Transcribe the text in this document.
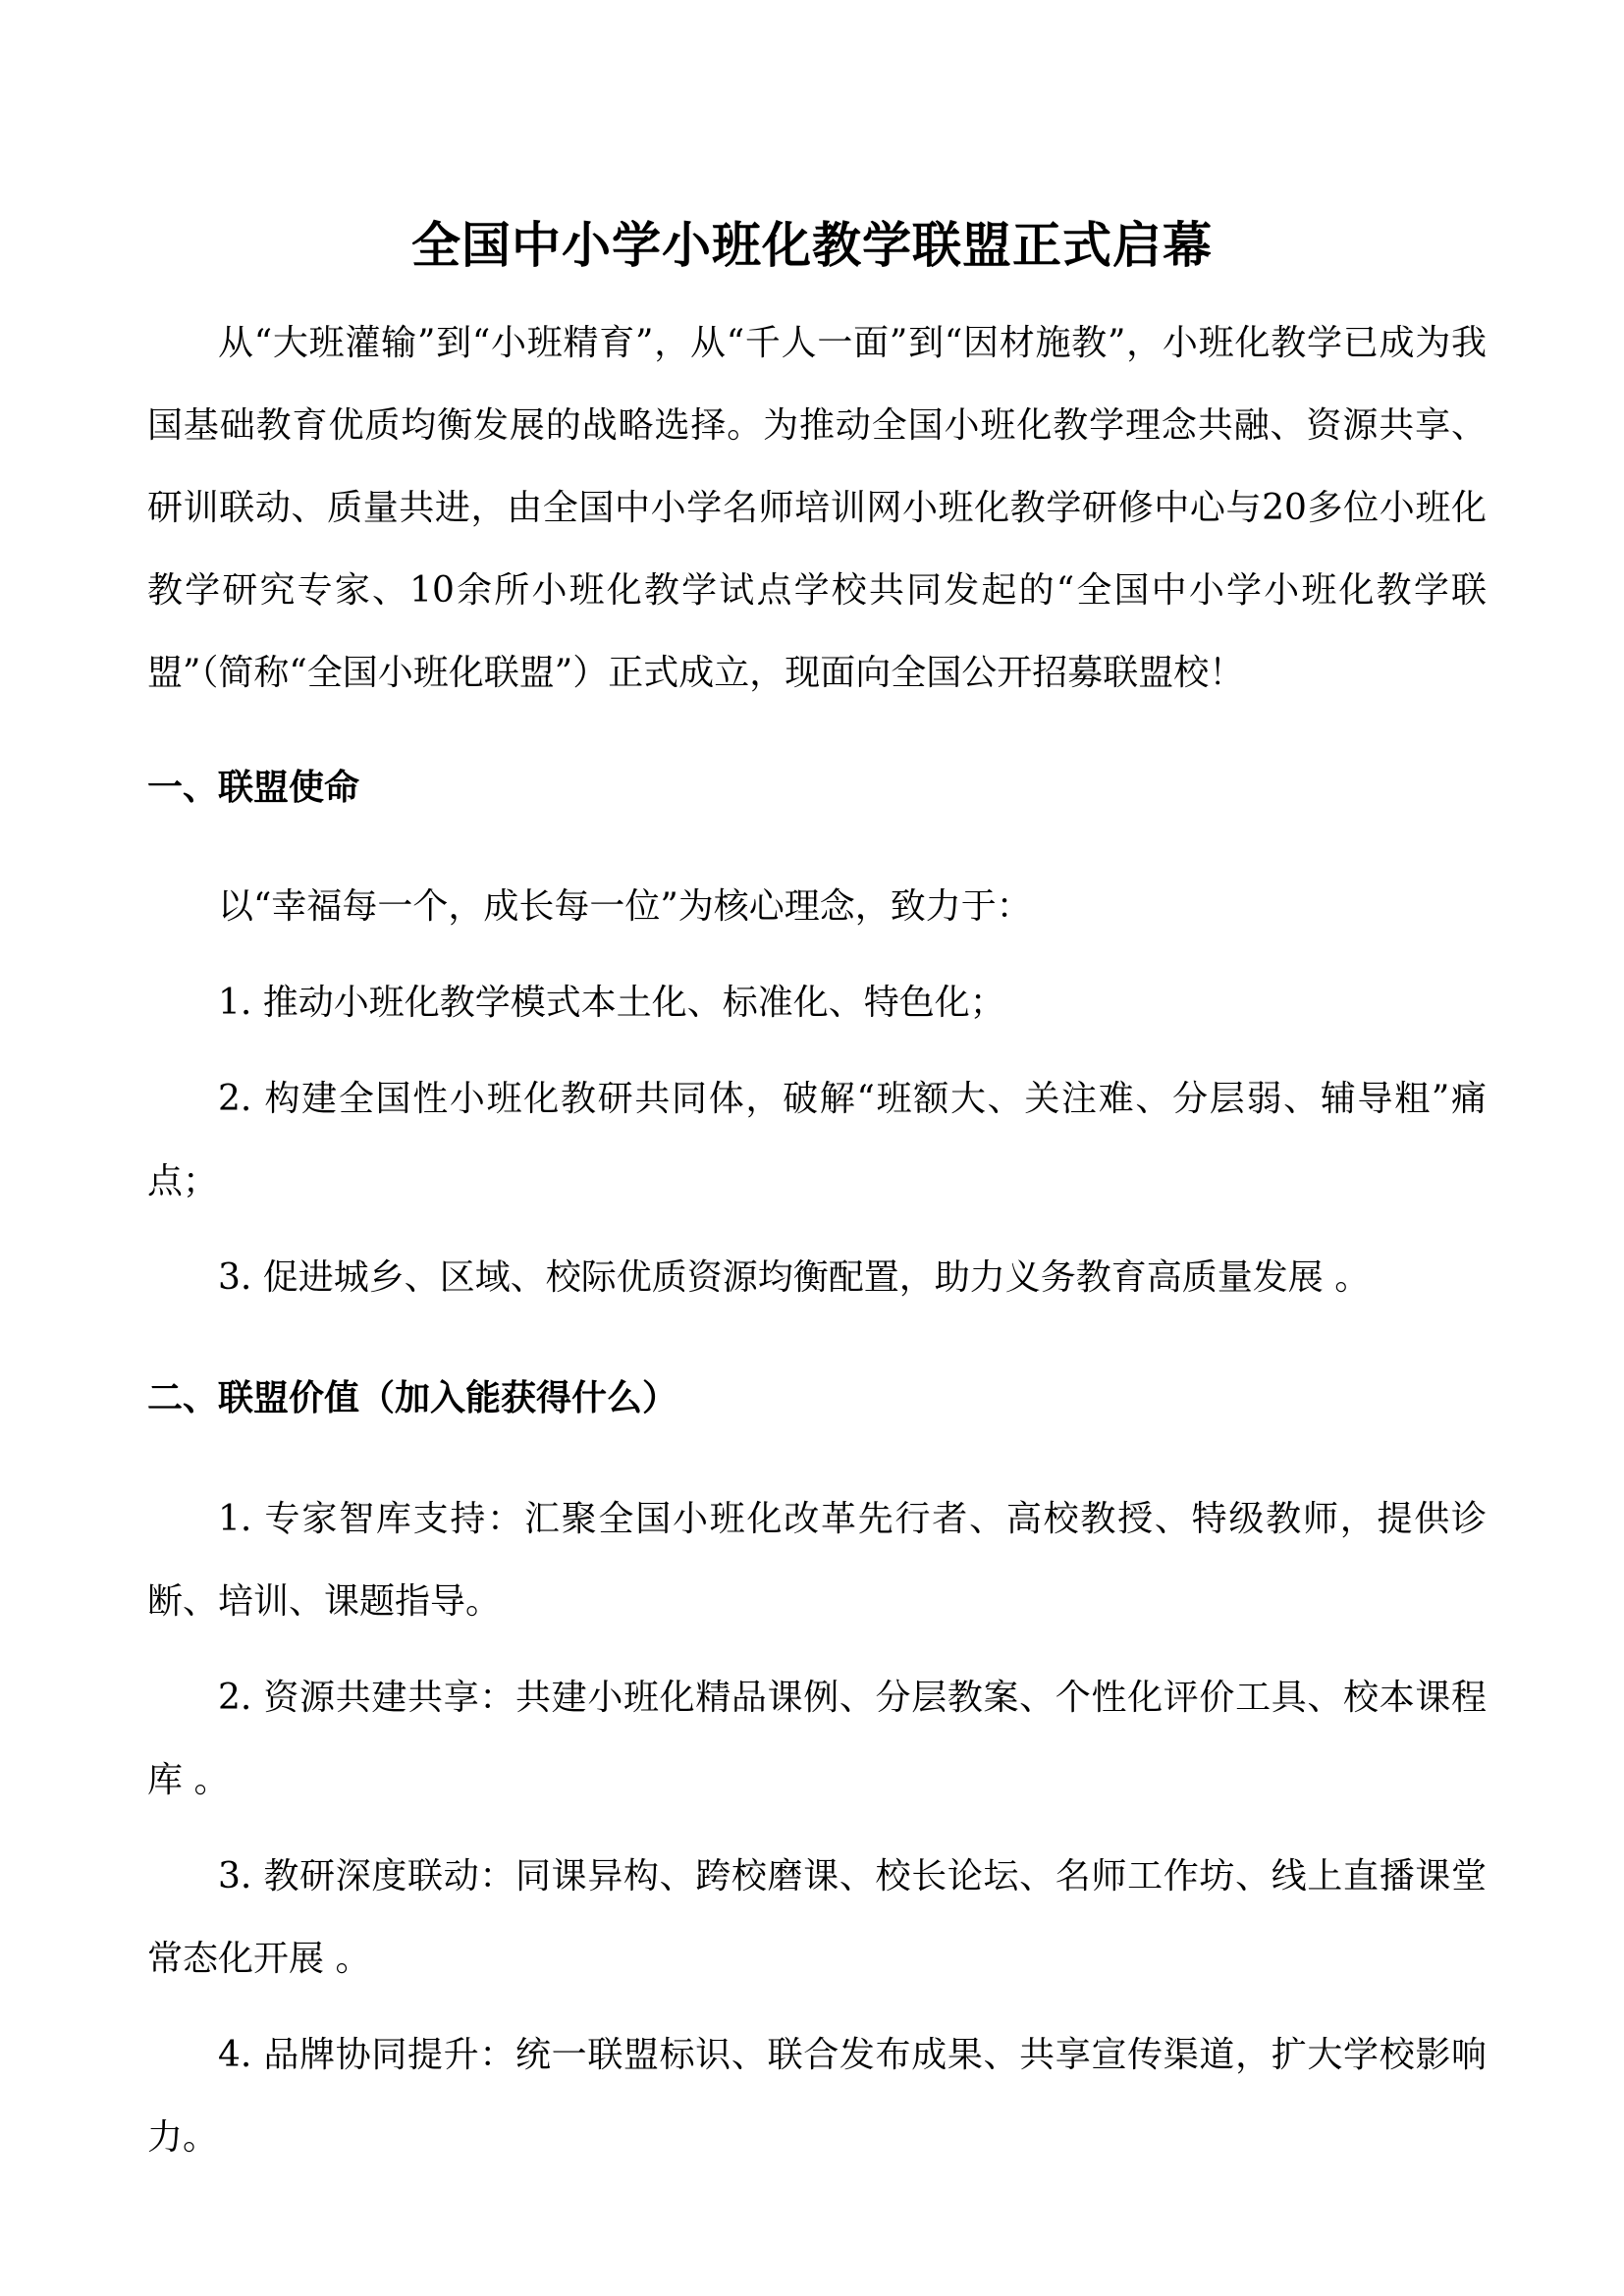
全国中小学小班化教学联盟正式启幕

从“大班灌输”到“小班精育”，从“千人一面”到“因材施教”，小班化教学已成为我国基础教育优质均衡发展的战略选择。为推动全国小班化教学理念共融、资源共享、研训联动、质量共进，由全国中小学名师培训网小班化教学研修中心与20多位小班化教学研究专家、10余所小班化教学试点学校共同发起的“全国中小学小班化教学联盟”（简称“全国小班化联盟”）正式成立，现面向全国公开招募联盟校！

一、联盟使命

以“幸福每一个，成长每一位”为核心理念，致力于：

1. 推动小班化教学模式本土化、标准化、特色化；

2. 构建全国性小班化教研共同体，破解“班额大、关注难、分层弱、辅导粗”痛点；

3. 促进城乡、区域、校际优质资源均衡配置，助力义务教育高质量发展 。

二、联盟价值（加入能获得什么）

1. 专家智库支持：汇聚全国小班化改革先行者、高校教授、特级教师，提供诊断、培训、课题指导。

2. 资源共建共享：共建小班化精品课例、分层教案、个性化评价工具、校本课程库 。

3. 教研深度联动：同课异构、跨校磨课、校长论坛、名师工作坊、线上直播课堂常态化开展 。

4. 品牌协同提升：统一联盟标识、联合发布成果、共享宣传渠道，扩大学校影响力。
